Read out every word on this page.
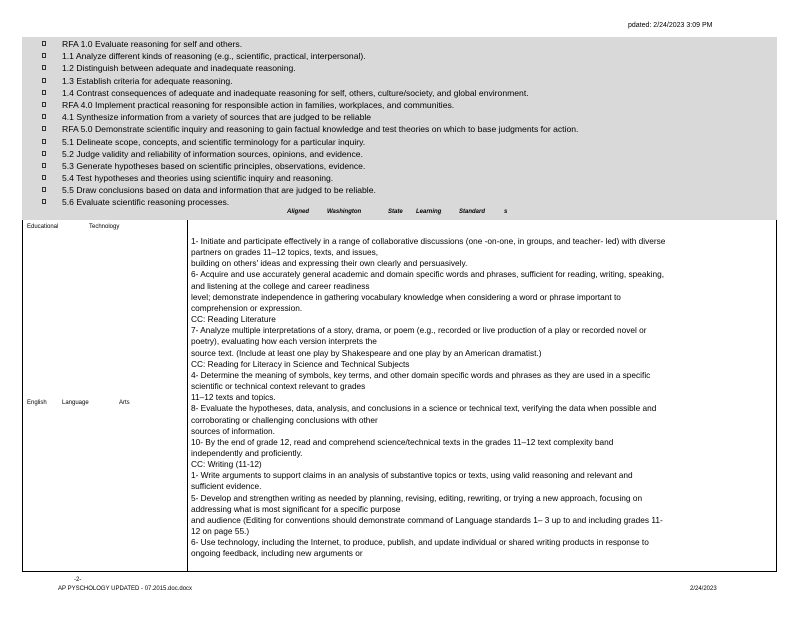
pdated: 2/24/2023 3:09 PM
RFA 1.0 Evaluate reasoning for self and others.
1.1 Analyze different kinds of reasoning (e.g., scientific, practical, interpersonal).
1.2 Distinguish between adequate and inadequate reasoning.
1.3 Establish criteria for adequate reasoning.
1.4 Contrast consequences of adequate and inadequate reasoning for self, others, culture/society, and global environment.
RFA 4.0 Implement practical reasoning for responsible action in families, workplaces, and communities.
4.1 Synthesize information from a variety of sources that are judged to be reliable
RFA 5.0 Demonstrate scientific inquiry and reasoning to gain factual knowledge and test theories on which to base judgments for action.
5.1 Delineate scope, concepts, and scientific terminology for a particular inquiry.
5.2 Judge validity and reliability of information sources, opinions, and evidence.
5.3 Generate hypotheses based on scientific principles, observations, evidence.
5.4 Test hypotheses and theories using scientific inquiry and reasoning.
5.5 Draw conclusions based on data and information that are judged to be reliable.
5.6 Evaluate scientific reasoning processes.
Aligned	Washington	State Learning	Standard	s
Educational	Technology
English	Language	Arts
1- Initiate and participate effectively in a range of collaborative discussions (one -on-one, in groups, and teacher- led) with diverse
partners on grades 11–12 topics, texts, and issues,
building on others' ideas and expressing their own clearly and persuasively.
6- Acquire and use accurately general academic and domain specific words and phrases, sufficient for reading, writing, speaking,
and listening at the college and career readiness
level; demonstrate independence in gathering vocabulary knowledge when considering a word or phrase important to
comprehension or expression.
CC: Reading Literature
7- Analyze multiple interpretations of a story, drama, or poem (e.g., recorded or live production of a play or recorded novel or
poetry), evaluating how each version interprets the
source text. (Include at least one play by Shakespeare and one play by an American dramatist.)
CC: Reading for Literacy in Science and Technical Subjects
4- Determine the meaning of symbols, key terms, and other domain specific words and phrases as they are used in a specific
scientific or technical context relevant to grades
11–12 texts and topics.
8- Evaluate the hypotheses, data, analysis, and conclusions in a science or technical text, verifying the data when possible and
corroborating or challenging conclusions with other
sources of information.
10- By the end of grade 12, read and comprehend science/technical texts in the grades 11–12 text complexity band
independently and proficiently.
CC: Writing (11-12)
1- Write arguments to support claims in an analysis of substantive topics or texts, using valid reasoning and relevant and
sufficient evidence.
5- Develop and strengthen writing as needed by planning, revising, editing, rewriting, or trying a new approach, focusing on
addressing what is most significant for a specific purpose
and audience (Editing for conventions should demonstrate command of Language standards 1– 3 up to and including grades 11-
12 on page 55.)
6- Use technology, including the Internet, to produce, publish, and update individual or shared writing products in response to
ongoing feedback, including new arguments or
-2-
AP PYSCHOLOGY UPDATED - 07.2015.doc.docx	2/24/2023
